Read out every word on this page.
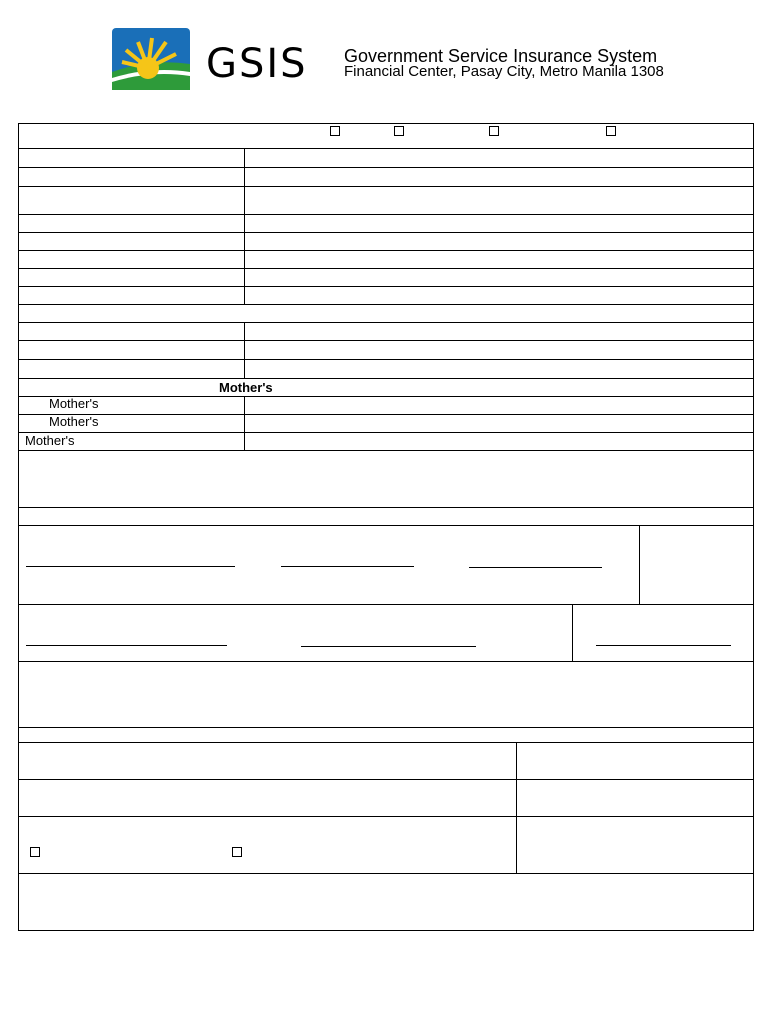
GSIS Government Service Insurance System
Financial Center, Pasay City, Metro Manila 1308
Mother's
Mother's
Mother's
Mother's
